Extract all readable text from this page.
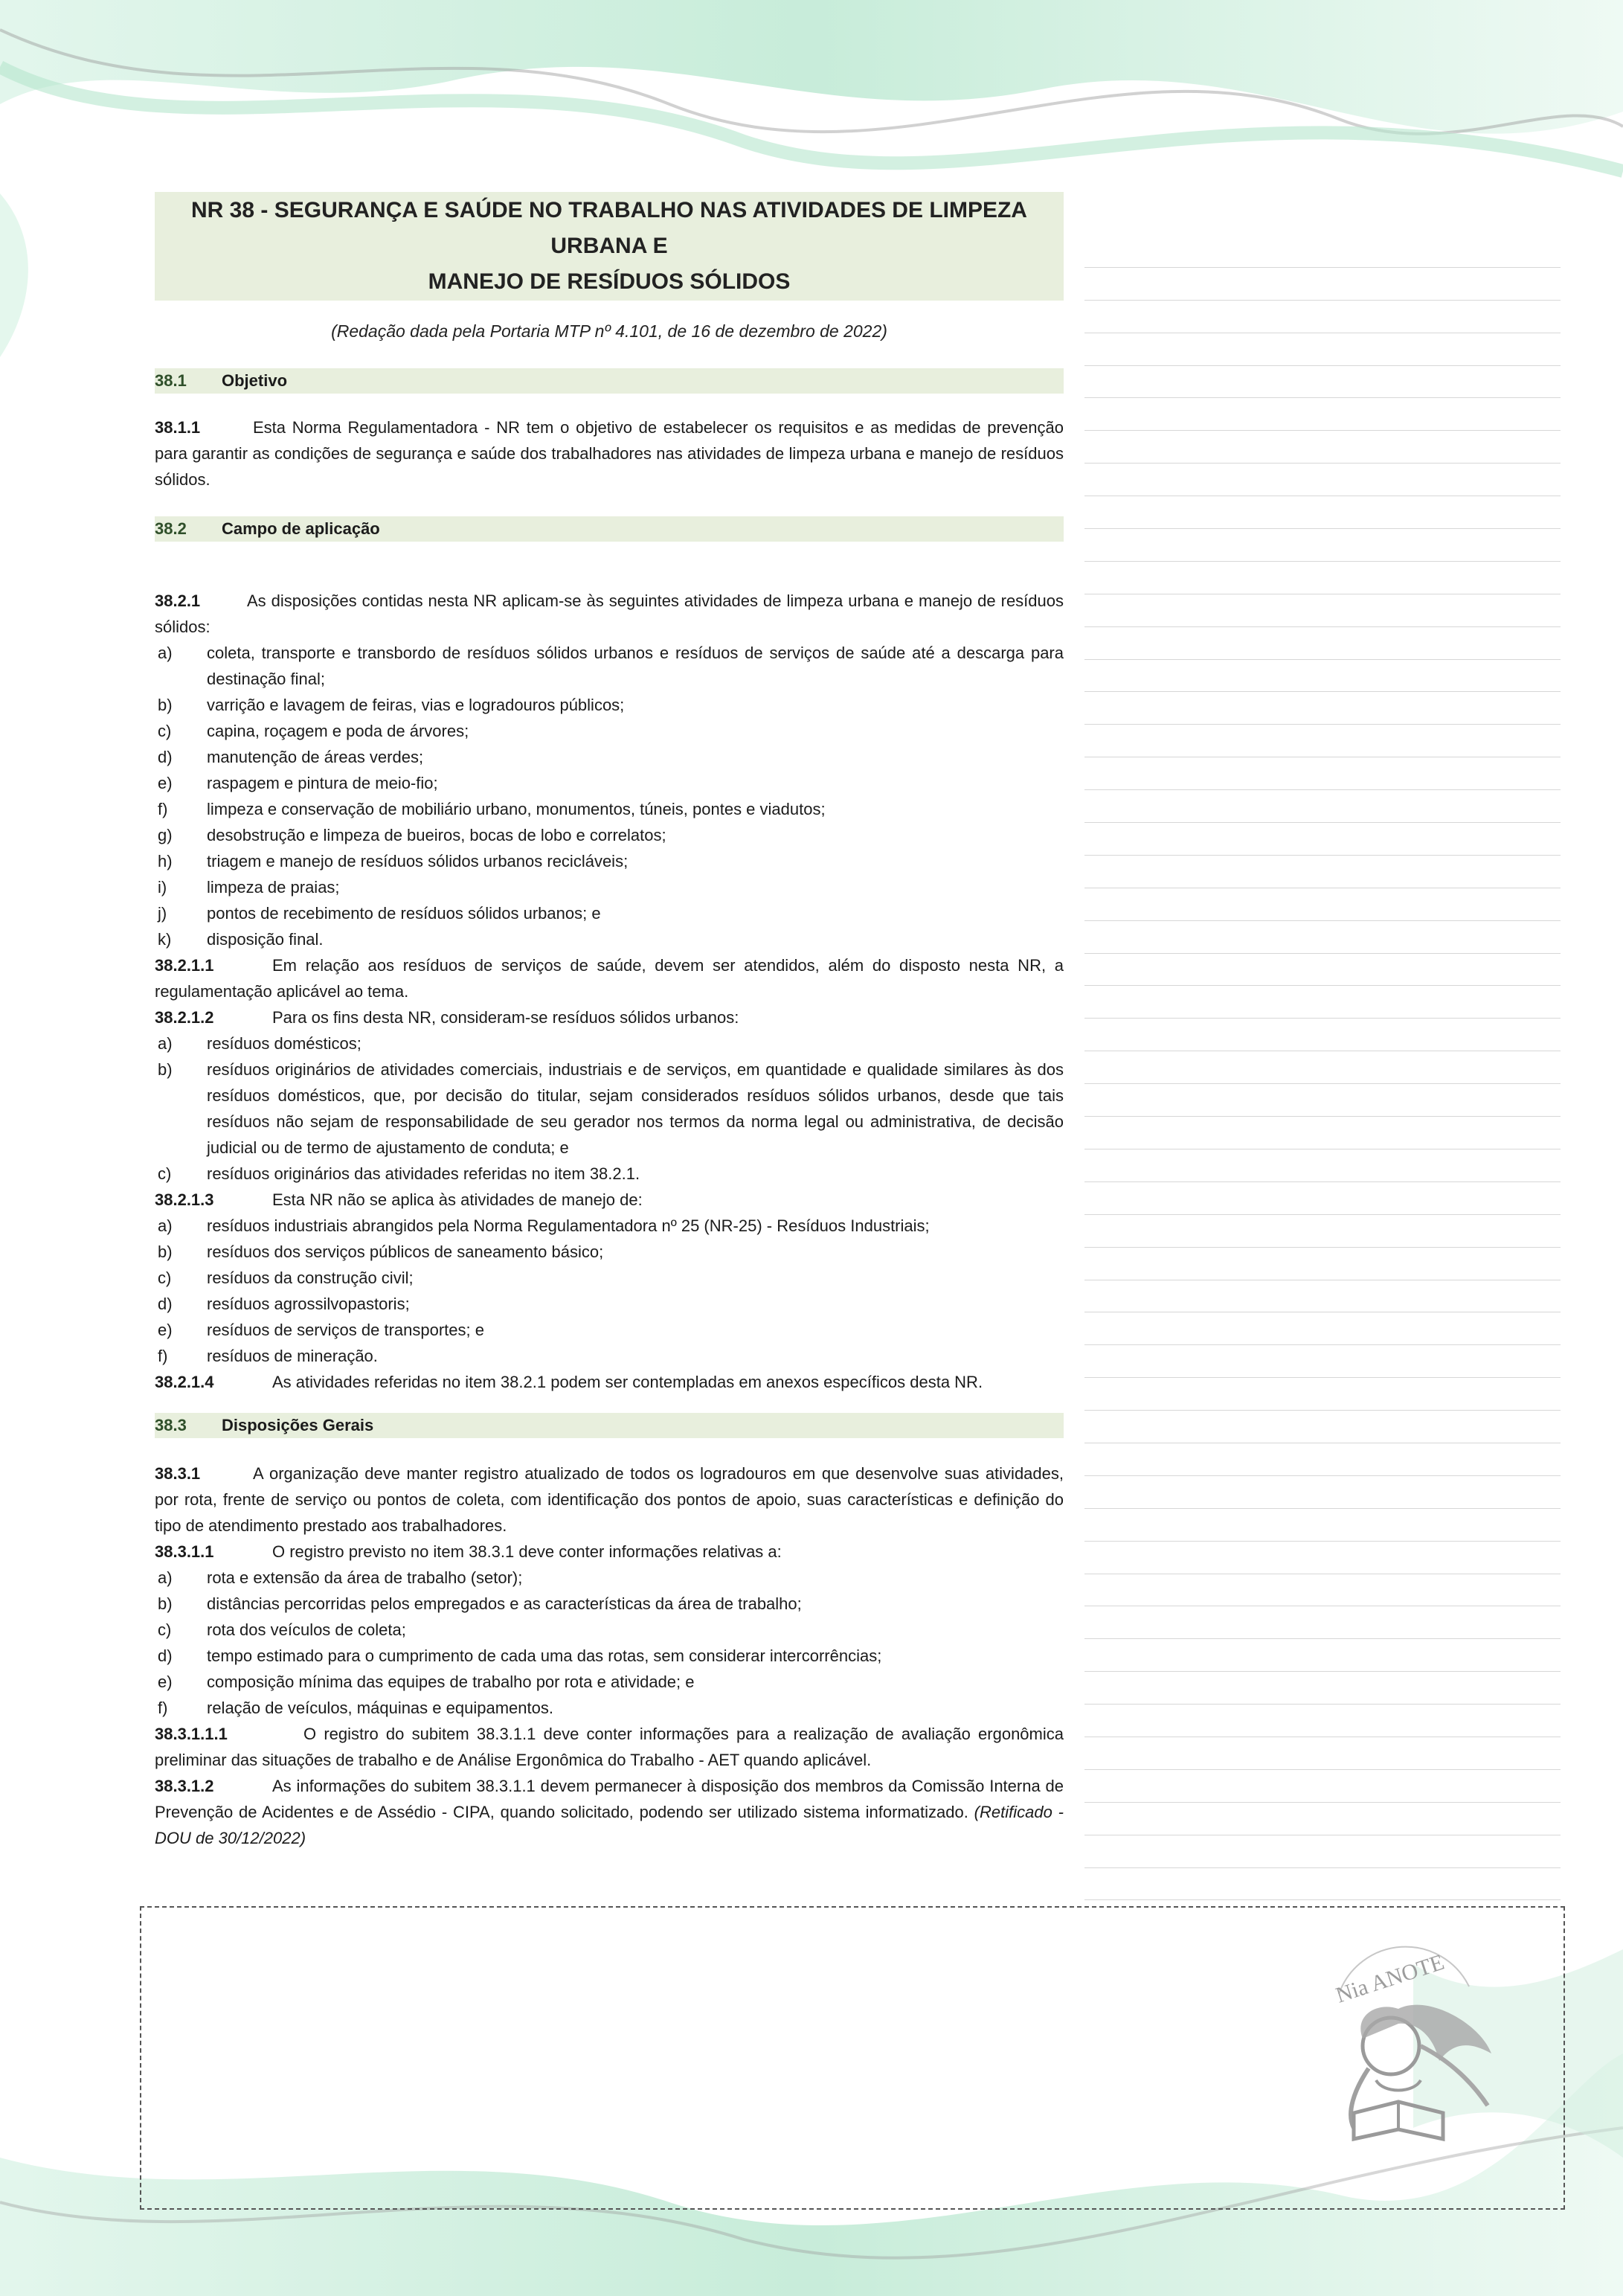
NR 38 - SEGURANÇA E SAÚDE NO TRABALHO NAS ATIVIDADES DE LIMPEZA
URBANA E
MANEJO DE RESÍDUOS SÓLIDOS
(Redação dada pela Portaria MTP nº 4.101, de 16 de dezembro de 2022)
38.1	Objetivo

38.1.1	Esta Norma Regulamentadora - NR tem o objetivo de estabelecer os requisitos e as medidas de prevenção para garantir as condições de segurança e saúde dos trabalhadores nas atividades de limpeza urbana e manejo de resíduos sólidos.

38.2	Campo de aplicação

38.2.1	As disposições contidas nesta NR aplicam-se às seguintes atividades de limpeza urbana e manejo de resíduos sólidos:

a) coleta, transporte e transbordo de resíduos sólidos urbanos e resíduos de serviços de saúde até a descarga para destinação final;
b) varrição e lavagem de feiras, vias e logradouros públicos;
c) capina, roçagem e poda de árvores;
d) manutenção de áreas verdes;
e) raspagem e pintura de meio-fio;
f) limpeza e conservação de mobiliário urbano, monumentos, túneis, pontes e viadutos;
g) desobstrução e limpeza de bueiros, bocas de lobo e correlatos;
h) triagem e manejo de resíduos sólidos urbanos recicláveis;
i) limpeza de praias;
j) pontos de recebimento de resíduos sólidos urbanos; e
k) disposição final.

38.2.1.1	Em relação aos resíduos de serviços de saúde, devem ser atendidos, além do disposto nesta NR, a regulamentação aplicável ao tema.

38.2.1.2	Para os fins desta NR, consideram-se resíduos sólidos urbanos:

a) resíduos domésticos;
b) resíduos originários de atividades comerciais, industriais e de serviços, em quantidade e qualidade similares às dos resíduos domésticos, que, por decisão do titular, sejam considerados resíduos sólidos urbanos, desde que tais resíduos não sejam de responsabilidade de seu gerador nos termos da norma legal ou administrativa, de decisão judicial ou de termo de ajustamento de conduta; e
c) resíduos originários das atividades referidas no item 38.2.1.

38.2.1.3	Esta NR não se aplica às atividades de manejo de:

a) resíduos industriais abrangidos pela Norma Regulamentadora nº 25 (NR-25) - Resíduos Industriais;
b) resíduos dos serviços públicos de saneamento básico;
c) resíduos da construção civil;
d) resíduos agrossilvopastoris;
e) resíduos de serviços de transportes; e
f) resíduos de mineração.

38.2.1.4	As atividades referidas no item 38.2.1 podem ser contempladas em anexos específicos desta NR.

38.3	Disposições Gerais

38.3.1	A organização deve manter registro atualizado de todos os logradouros em que desenvolve suas atividades, por rota, frente de serviço ou pontos de coleta, com identificação dos pontos de apoio, suas características e definição do tipo de atendimento prestado aos trabalhadores.

38.3.1.1	O registro previsto no item 38.3.1 deve conter informações relativas a:

a) rota e extensão da área de trabalho (setor);
b) distâncias percorridas pelos empregados e as características da área de trabalho;
c) rota dos veículos de coleta;
d) tempo estimado para o cumprimento de cada uma das rotas, sem considerar intercorrências;
e) composição mínima das equipes de trabalho por rota e atividade; e
f) relação de veículos, máquinas e equipamentos.

38.3.1.1.1	O registro do subitem 38.3.1.1 deve conter informações para a realização de avaliação ergonômica preliminar das situações de trabalho e de Análise Ergonômica do Trabalho - AET quando aplicável.

38.3.1.2	As informações do subitem 38.3.1.1 devem permanecer à disposição dos membros da Comissão Interna de Prevenção de Acidentes e de Assédio - CIPA, quando solicitado, podendo ser utilizado sistema informatizado. (Retificado - DOU de 30/12/2022)

Nia ANOTE
